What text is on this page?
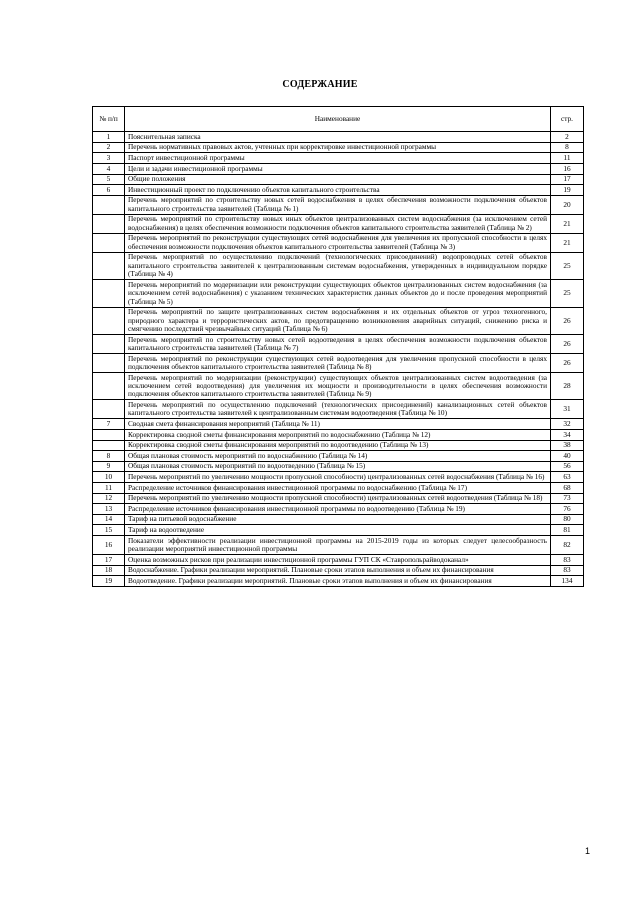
СОДЕРЖАНИЕ
№ п/п	Наименование	стр.
1	Пояснительная записка	2
2	Перечень нормативных правовых актов, учтенных при корректировке инвестиционной программы	8
3	Паспорт инвестиционной программы	11
4	Цели и задачи инвестиционной программы	16
5	Общие положения	17
6	Инвестиционный проект по подключению объектов капитального строительства	19
	Перечень мероприятий по строительству новых сетей водоснабжения в целях обеспечения возможности подключения объектов капитального строительства заявителей (Таблица № 1)	20
	Перечень мероприятий по строительству новых иных объектов централизованных систем водоснабжения (за исключением сетей водоснабжения) в целях обеспечения возможности подключения объектов капитального строительства заявителей (Таблица № 2)	21
	Перечень мероприятий по реконструкции существующих сетей водоснабжения для увеличения их пропускной способности в целях обеспечения возможности подключения объектов капитального строительства заявителей (Таблица № 3)	21
	Перечень мероприятий по осуществлению подключений (технологических присоединений) водопроводных сетей объектов капитального строительства заявителей к централизованным системам водоснабжения, утвержденных в индивидуальном порядке (Таблица № 4)	25
	Перечень мероприятий по модернизации или реконструкции существующих объектов централизованных систем водоснабжения (за исключением сетей водоснабжения) с указанием технических характеристик данных объектов до и после проведения мероприятий (Таблица № 5)	25
	Перечень мероприятий по защите централизованных систем водоснабжения и их отдельных объектов от угроз техногенного, природного характера и террористических актов, по предотвращению возникновения аварийных ситуаций, снижению риска и смягчению последствий чрезвычайных ситуаций (Таблица № 6)	26
	Перечень мероприятий по строительству новых сетей водоотведения в целях обеспечения возможности подключения объектов капитального строительства заявителей (Таблица № 7)	26
	Перечень мероприятий по реконструкции существующих сетей водоотведения для увеличения пропускной способности в целях подключения объектов капитального строительства заявителей (Таблица № 8)	26
	Перечень мероприятий по модернизации (реконструкции) существующих объектов централизованных систем водоотведения (за исключением сетей водоотведения) для увеличения их мощности и производительности в целях обеспечения возможности подключения объектов капитального строительства заявителей (Таблица № 9)	28
	Перечень мероприятий по осуществлению подключений (технологических присоединений) канализационных сетей объектов капитального строительства заявителей к централизованным системам водоотведения (Таблица № 10)	31
7	Сводная смета финансирования мероприятий (Таблица № 11)	32
	Корректировка сводной сметы финансирования мероприятий по водоснабжению (Таблица № 12)	34
	Корректировка сводной сметы финансирования мероприятий по водоотведению (Таблица № 13)	38
8	Общая плановая стоимость мероприятий по водоснабжению (Таблица № 14)	40
9	Общая плановая стоимость мероприятий по водоотведению (Таблица № 15)	56
10	Перечень мероприятий по увеличению мощности пропускной способности) централизованных сетей водоснабжения (Таблица № 16)	63
11	Распределение источников финансирования инвестиционной программы по водоснабжению (Таблица № 17)	68
12	Перечень мероприятий по увеличению мощности пропускной способности) централизованных сетей водоотведения (Таблица № 18)	73
13	Распределение источников финансирования инвестиционной программы по водоотведению (Таблица № 19)	76
14	Тариф на питьевой водоснабжение	80
15	Тариф на водоотведение	81
16	Показатели эффективности реализации инвестиционной программы на 2015-2019 годы из которых следует целесообразность реализации мероприятий инвестиционной программы	82
17	Оценка возможных рисков при реализации инвестиционной программы ГУП СК «Ставропольрайводоканал»	83
18	Водоснабжение. Графики реализации мероприятий. Плановые сроки этапов выполнения и объем их финансирования	83
19	Водоотведение. Графики реализации мероприятий. Плановые сроки этапов выполнения и объем их финансирования	134
1
